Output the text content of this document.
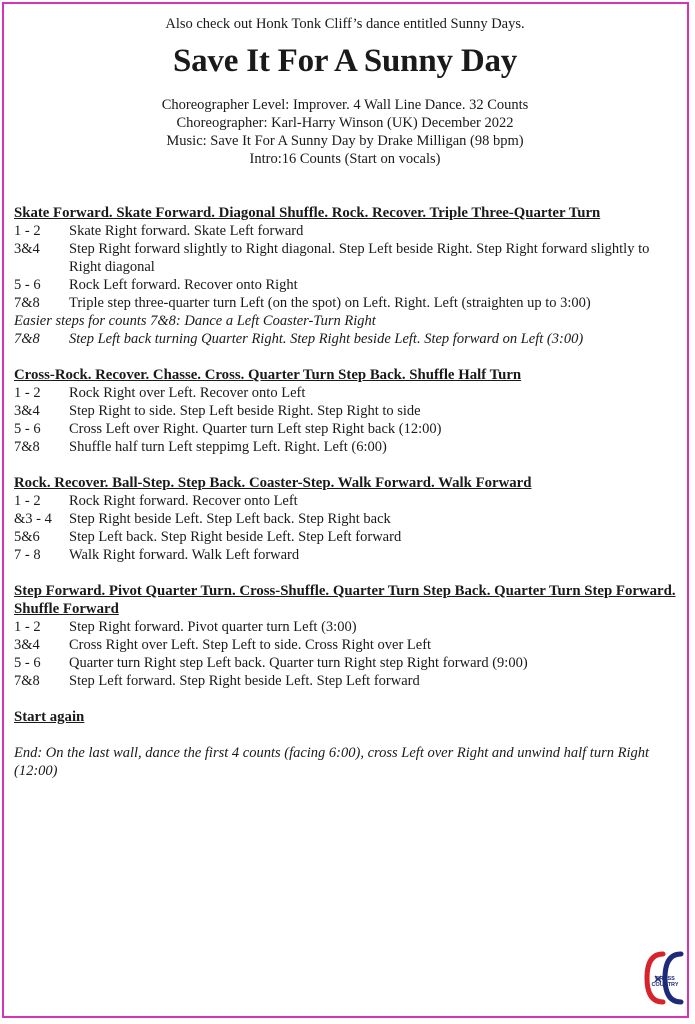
Also check out Honk Tonk Cliff’s dance entitled Sunny Days.
Save It For A Sunny Day
Choreographer Level: Improver. 4 Wall Line Dance. 32 Counts
Choreographer: Karl-Harry Winson (UK) December 2022
Music: Save It For A Sunny Day by Drake Milligan (98 bpm)
Intro:16 Counts (Start on vocals)
Skate Forward. Skate Forward. Diagonal Shuffle. Rock. Recover. Triple Three-Quarter Turn
1 - 2	Skate Right forward. Skate Left forward
3&4	Step Right forward slightly to Right diagonal. Step Left beside Right. Step Right forward slightly to Right diagonal
5 - 6	Rock Left forward. Recover onto Right
7&8	Triple step three-quarter turn Left (on the spot) on Left. Right. Left (straighten up to 3:00)
Easier steps for counts 7&8: Dance a Left Coaster-Turn Right
7&8	Step Left back turning Quarter Right. Step Right beside Left. Step forward on Left (3:00)
Cross-Rock. Recover. Chasse. Cross. Quarter Turn Step Back. Shuffle Half Turn
1 - 2	Rock Right over Left. Recover onto Left
3&4	Step Right to side. Step Left beside Right. Step Right to side
5 - 6	Cross Left over Right. Quarter turn Left step Right back (12:00)
7&8	Shuffle half turn Left steppimg Left. Right. Left (6:00)
Rock. Recover. Ball-Step. Step Back. Coaster-Step. Walk Forward. Walk Forward
1 - 2	Rock Right forward. Recover onto Left
&3 - 4	Step Right beside Left. Step Left back. Step Right back
5&6	Step Left back. Step Right beside Left. Step Left forward
7 - 8	Walk Right forward. Walk Left forward
Step Forward. Pivot Quarter Turn. Cross-Shuffle. Quarter Turn Step Back. Quarter Turn Step Forward. Shuffle Forward
1 - 2	Step Right forward. Pivot quarter turn Left (3:00)
3&4	Cross Right over Left. Step Left to side. Cross Right over Left
5 - 6	Quarter turn Right step Left back. Quarter turn Right step Right forward (9:00)
7&8	Step Left forward. Step Right beside Left. Step Left forward
Start again
End: On the last wall, dance the first 4 counts (facing 6:00), cross Left over Right and unwind half turn Right (12:00)
CROSS COUNTRY
